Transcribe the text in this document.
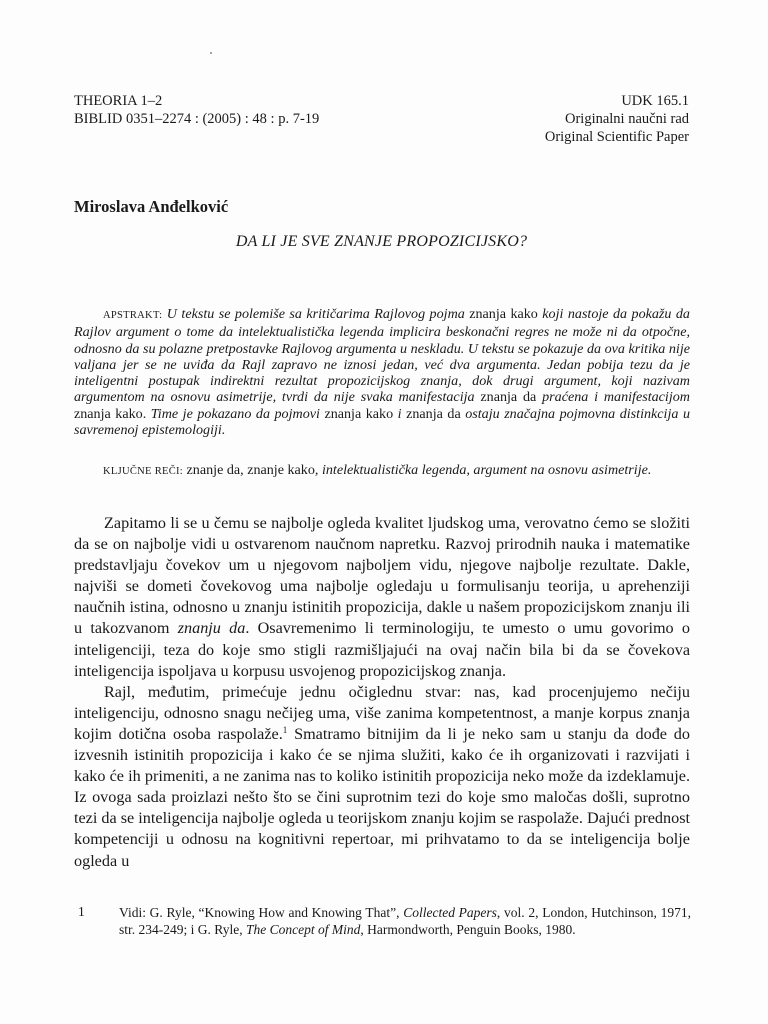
THEORIA 1–2
BIBLID 0351–2274 : (2005) : 48 : p. 7-19
UDK 165.1
Originalni naučni rad
Original Scientific Paper
Miroslava Anđelković
DA LI JE SVE ZNANJE PROPOZICIJSKO?
APSTRAKT: U tekstu se polemiše sa kritičarima Rajlovog pojma znanja kako koji nastoje da pokažu da Rajlov argument o tome da intelektualistička legenda implicira beskonačni regres ne može ni da otpočne, odnosno da su polazne pretpostavke Rajlovog argumenta u neskladu. U tekstu se pokazuje da ova kritika nije valjana jer se ne uviđa da Rajl zapravo ne iznosi jedan, već dva argumenta. Jedan pobija tezu da je inteligentni postupak indirektni rezultat propozicijskog znanja, dok drugi argument, koji nazivam argumentom na osnovu asimetrije, tvrdi da nije svaka manifestacija znanja da praćena i manifestacijom znanja kako. Time je pokazano da pojmovi znanja kako i znanja da ostaju značajna pojmovna distinkcija u savremenoj epistemologiji.
KLJUČNE REČI: znanje da, znanje kako, intelektualistička legenda, argument na osnovu asimetrije.

Zapitamo li se u čemu se najbolje ogleda kvalitet ljudskog uma, verovatno ćemo se složiti da se on najbolje vidi u ostvarenom naučnom napretku. Razvoj prirodnih nauka i matematike predstavljaju čovekov um u njegovom najboljem vidu, njegove najbolje rezultate. Dakle, najviši se dometi čovekovog uma najbolje ogledaju u formulisanju teorija, u aprehenziji naučnih istina, odnosno u znanju istinitih propozicija, dakle u našem propozicijskom znanju ili u takozvanom znanju da. Osavremenimo li terminologiju, te umesto o umu govorimo o inteligenciji, teza do koje smo stigli razmišljajući na ovaj način bila bi da se čovekova inteligencija ispoljava u korpusu usvojenog propozicijskog znanja.

Rajl, međutim, primećuje jednu očiglednu stvar: nas, kad procenjujemo nečiju inteligenciju, odnosno snagu nečijeg uma, više zanima kompetentnost, a manje korpus znanja kojim dotična osoba raspolaže.$^1$ Smatramo bitnijim da li je neko sam u stanju da dođe do izvesnih istinitih propozicija i kako će se njima služiti, kako će ih organizovati i razvijati i kako će ih primeniti, a ne zanima nas to koliko istinitih propozicija neko može da izdeklamuje. Iz ovoga sada proizlazi nešto što se čini suprotnim tezi do koje smo maločas došli, suprotno tezi da se inteligencija najbolje ogleda u teorijskom znanju kojim se raspolaže. Dajući prednost kompetenciji u odnosu na kognitivni repertoar, mi prihvatamo to da se inteligencija bolje ogleda u

1	Vidi: G. Ryle, “Knowing How and Knowing That”, Collected Papers, vol. 2, London, Hutchinson, 1971, str. 234-249; i G. Ryle, The Concept of Mind, Harmondworth, Penguin Books, 1980.
